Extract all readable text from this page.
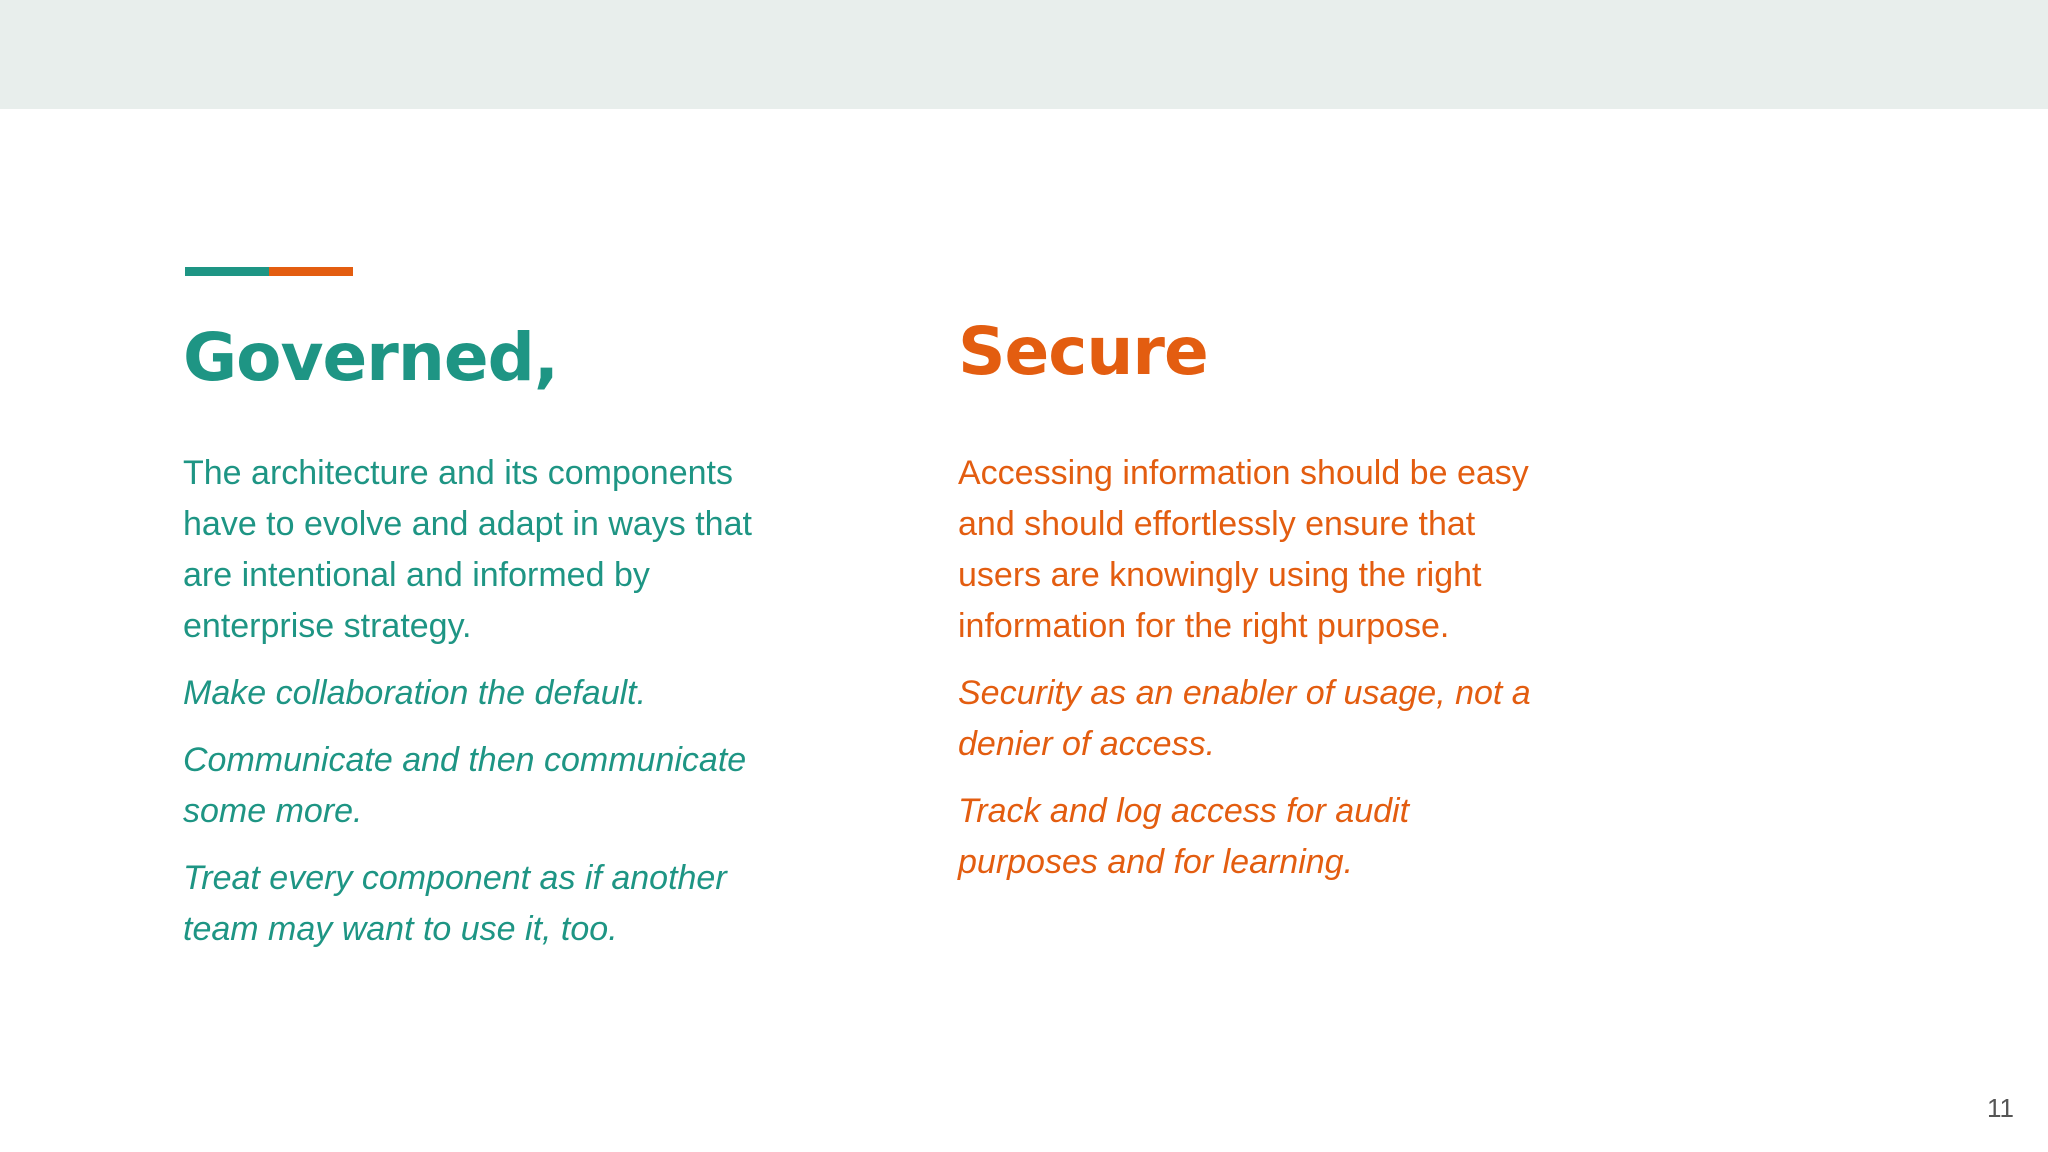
Governed,

The architecture and its components have to evolve and adapt in ways that are intentional and informed by enterprise strategy.

Make collaboration the default.

Communicate and then communicate some more.

Treat every component as if another team may want to use it, too.

Secure

Accessing information should be easy and should effortlessly ensure that users are knowingly using the right information for the right purpose.

Security as an enabler of usage, not a denier of access.

Track and log access for audit purposes and for learning.

11
